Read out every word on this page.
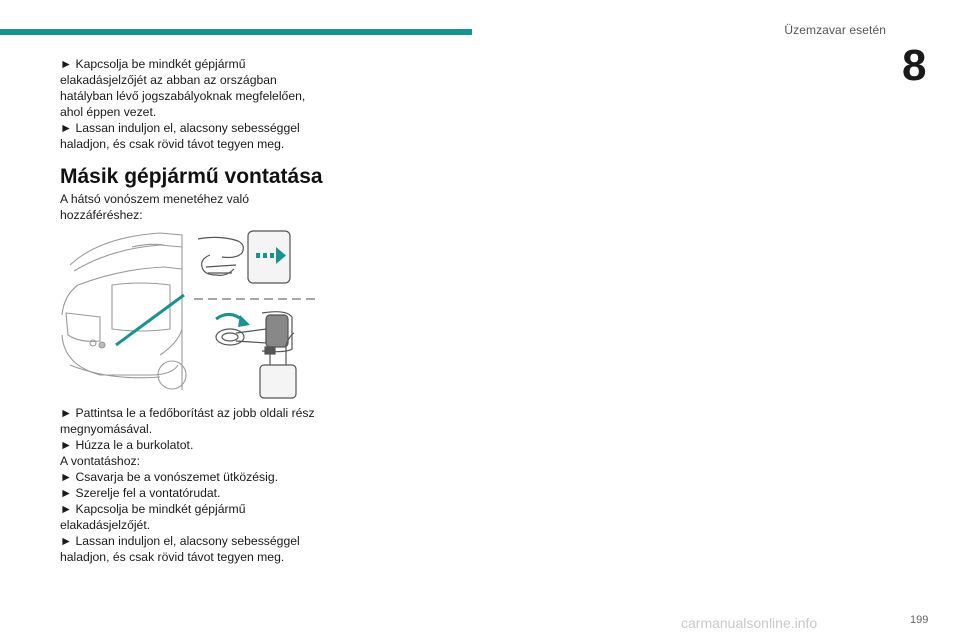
Üzemzavar esetén
8

► Kapcsolja be mindkét gépjármű

elakadásjelzőjét az abban az országban

hatályban lévő jogszabályoknak megfelelően,

ahol éppen vezet.

► Lassan induljon el, alacsony sebességgel

haladjon, és csak rövid távot tegyen meg.

Másik gépjármű vontatása

A hátsó vonószem menetéhez való

hozzáféréshez:

► Pattintsa le a fedőborítást az jobb oldali rész

megnyomásával.

► Húzza le a burkolatot.

A vontatáshoz:

► Csavarja be a vonószemet ütközésig.

► Szerelje fel a vontatórudat.

► Kapcsolja be mindkét gépjármű

elakadásjelzőjét.

► Lassan induljon el, alacsony sebességgel

haladjon, és csak rövid távot tegyen meg.

carmanualsonline.info	199
